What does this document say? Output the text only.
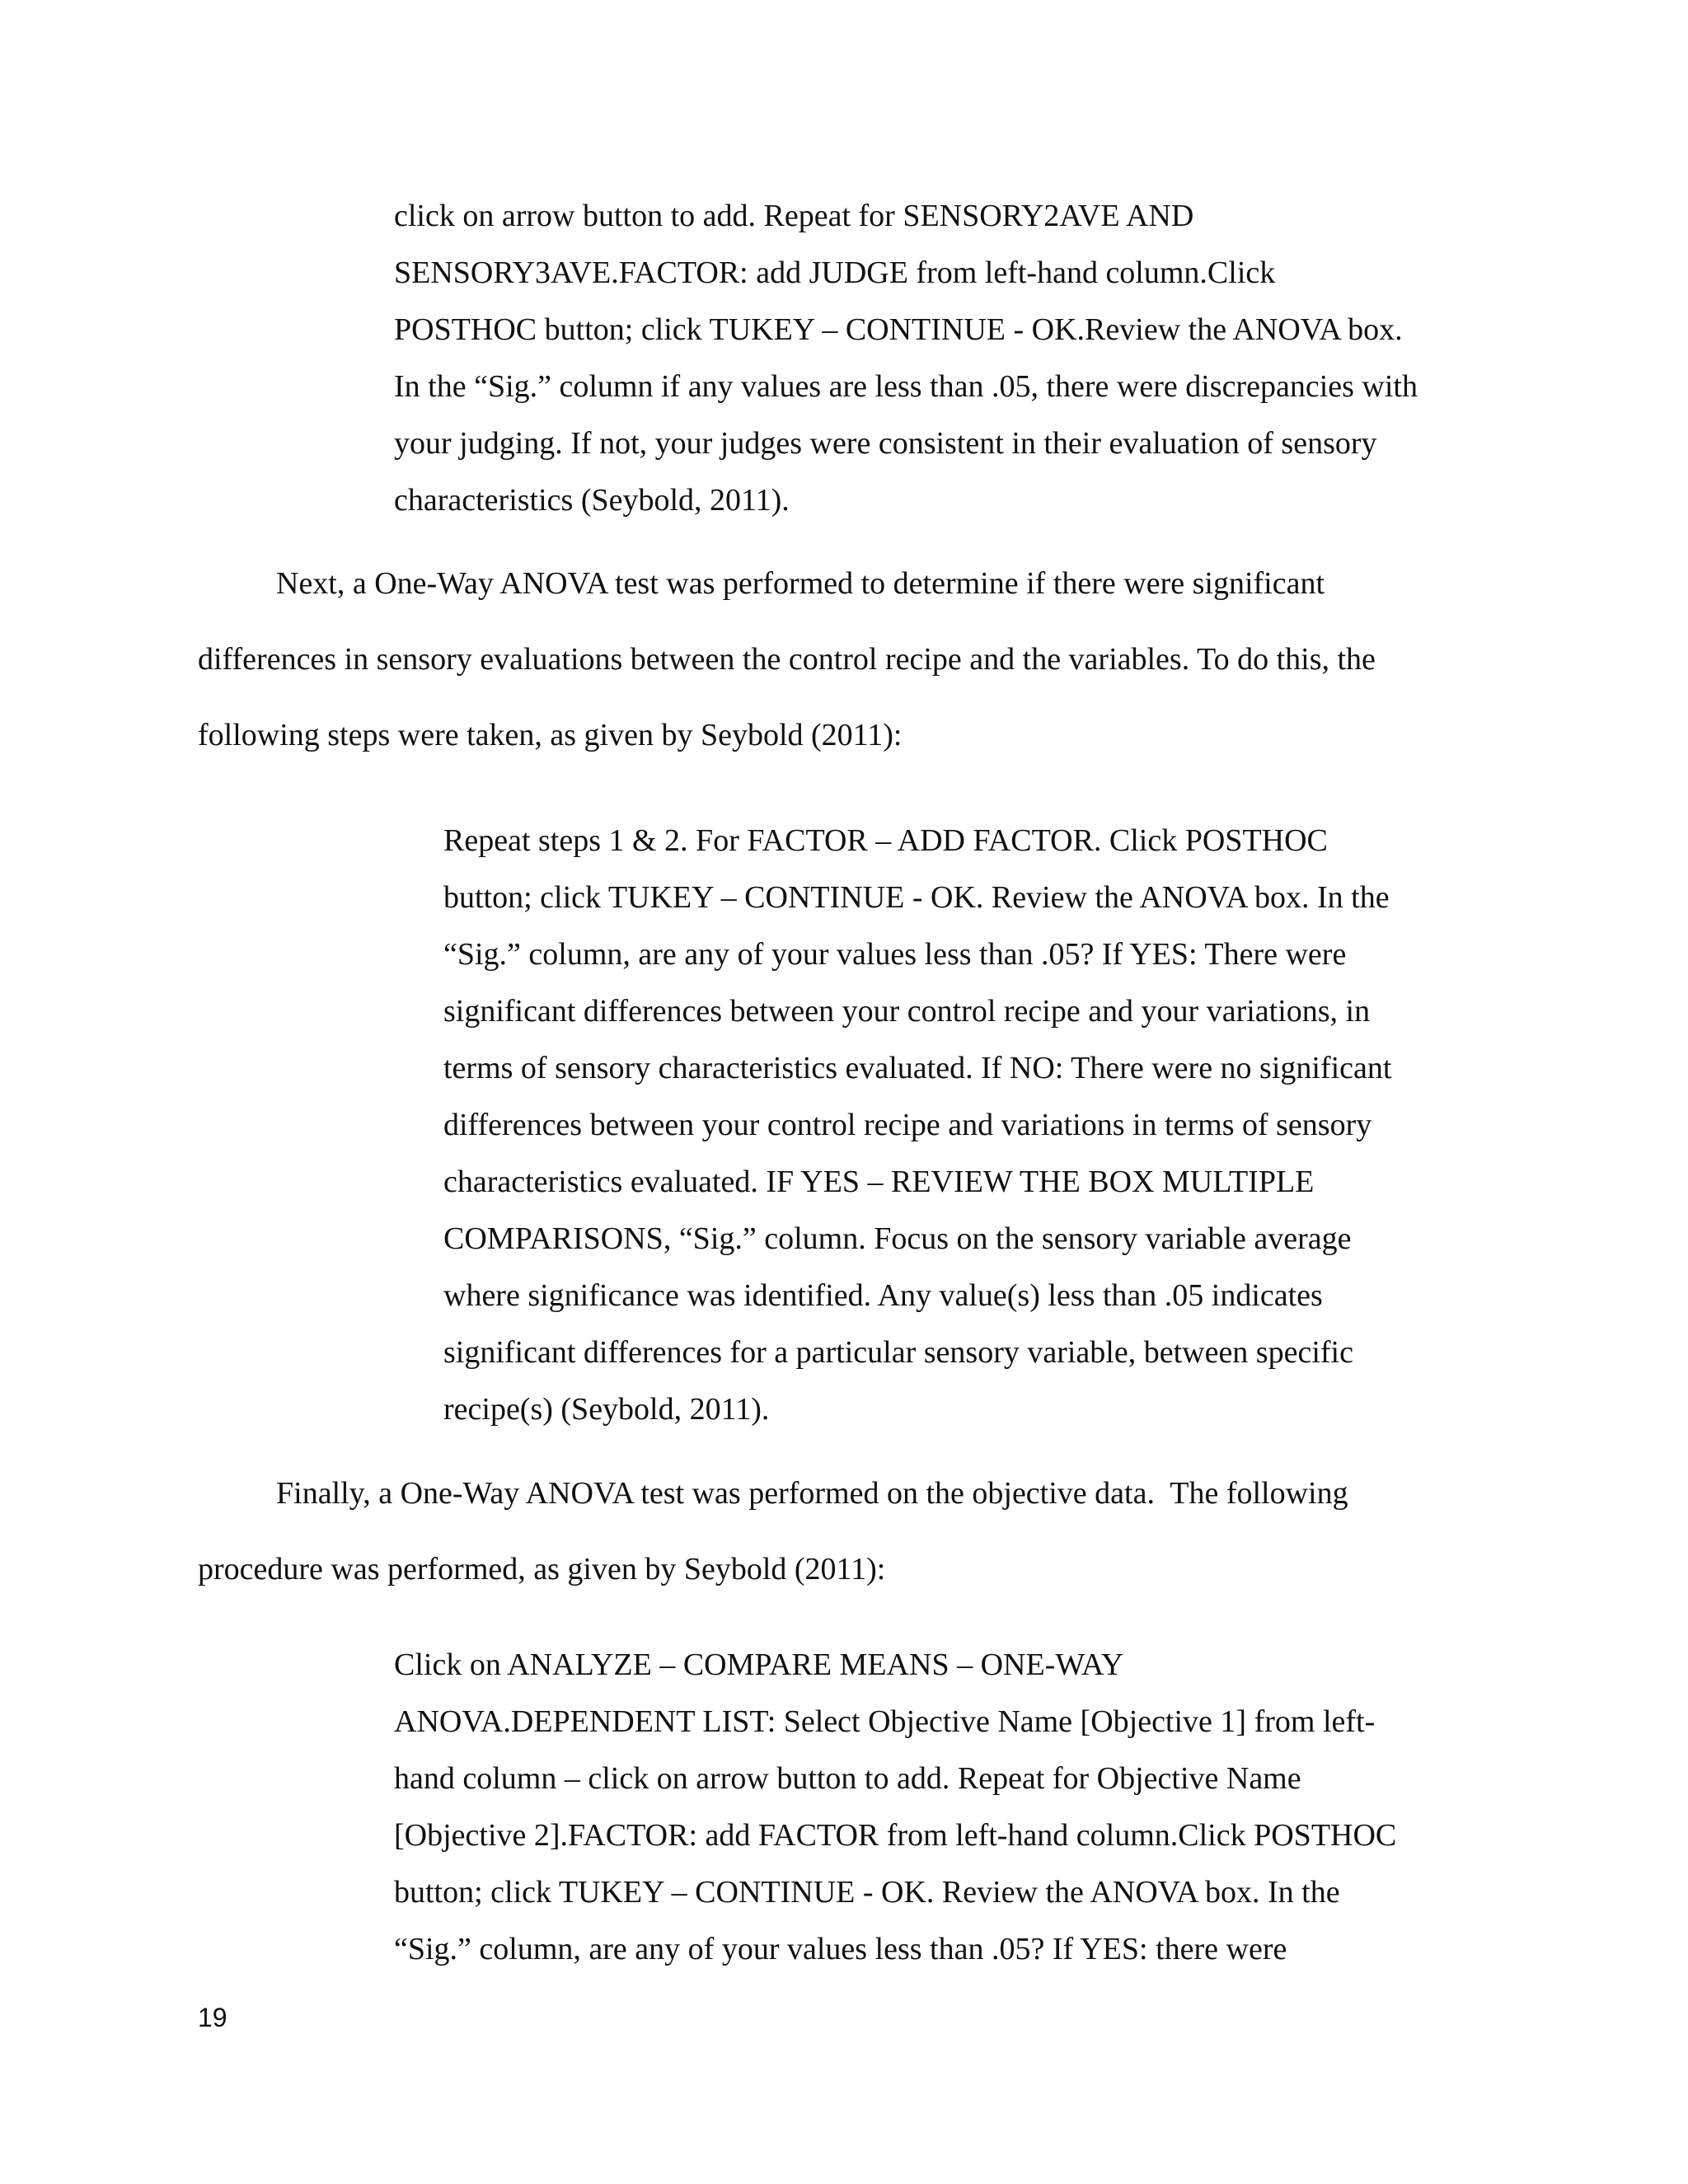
click on arrow button to add. Repeat for SENSORY2AVE AND
SENSORY3AVE.FACTOR: add JUDGE from left-hand column.Click
POSTHOC button; click TUKEY – CONTINUE - OK.Review the ANOVA box.
In the “Sig.” column if any values are less than .05, there were discrepancies with
your judging. If not, your judges were consistent in their evaluation of sensory
characteristics (Seybold, 2011).
Next, a One-Way ANOVA test was performed to determine if there were significant
differences in sensory evaluations between the control recipe and the variables. To do this, the
following steps were taken, as given by Seybold (2011):
Repeat steps 1 & 2. For FACTOR – ADD FACTOR. Click POSTHOC
button; click TUKEY – CONTINUE - OK. Review the ANOVA box. In the
“Sig.” column, are any of your values less than .05? If YES: There were
significant differences between your control recipe and your variations, in
terms of sensory characteristics evaluated. If NO: There were no significant
differences between your control recipe and variations in terms of sensory
characteristics evaluated. IF YES – REVIEW THE BOX MULTIPLE
COMPARISONS, “Sig.” column. Focus on the sensory variable average
where significance was identified. Any value(s) less than .05 indicates
significant differences for a particular sensory variable, between specific
recipe(s) (Seybold, 2011).
Finally, a One-Way ANOVA test was performed on the objective data.  The following
procedure was performed, as given by Seybold (2011):
Click on ANALYZE – COMPARE MEANS – ONE-WAY
ANOVA.DEPENDENT LIST: Select Objective Name [Objective 1] from left-
hand column – click on arrow button to add. Repeat for Objective Name
[Objective 2].FACTOR: add FACTOR from left-hand column.Click POSTHOC
button; click TUKEY – CONTINUE - OK. Review the ANOVA box. In the
“Sig.” column, are any of your values less than .05? If YES: there were
19
